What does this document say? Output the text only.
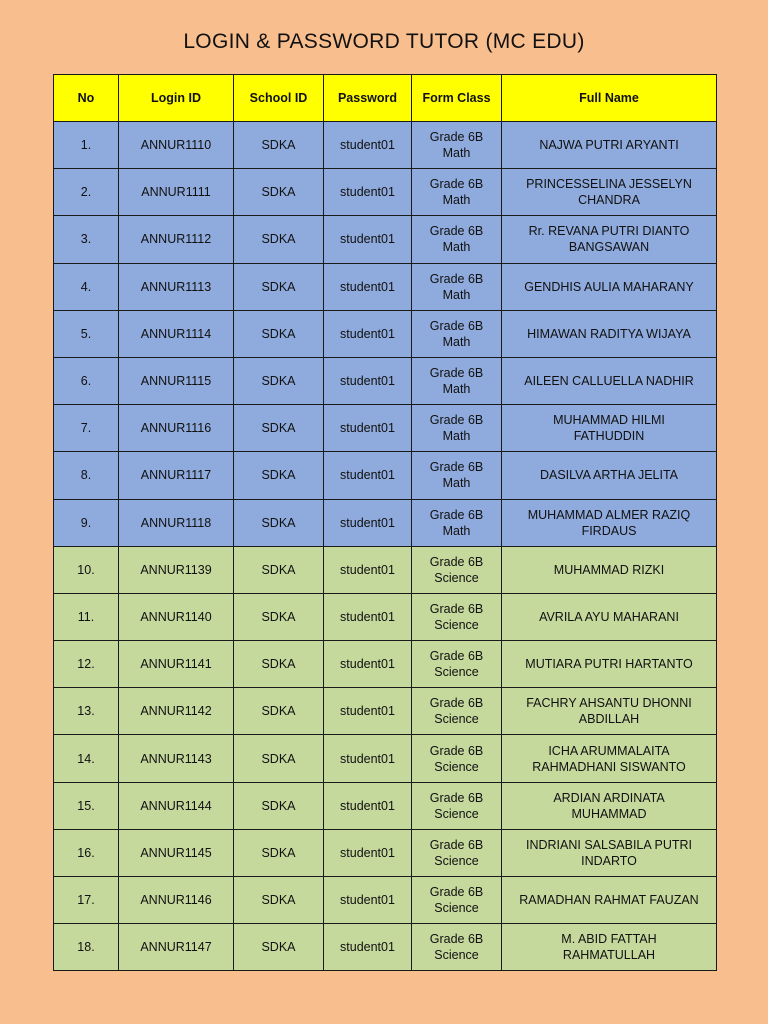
LOGIN & PASSWORD TUTOR (MC EDU)
No	Login ID	School ID	Password	Form Class	Full Name
1.	ANNUR1110	SDKA	student01	Grade 6B
Math	NAJWA PUTRI ARYANTI

2.	ANNUR1111	SDKA	student01	Grade 6B
Math	PRINCESSELINA JESSELYN
CHANDRA

3.	ANNUR1112	SDKA	student01	Grade 6B
Math	Rr. REVANA PUTRI DIANTO
BANGSAWAN

4.	ANNUR1113	SDKA	student01	Grade 6B
Math	GENDHIS AULIA MAHARANY

5.	ANNUR1114	SDKA	student01	Grade 6B
Math	HIMAWAN RADITYA WIJAYA

6.	ANNUR1115	SDKA	student01	Grade 6B
Math	AILEEN CALLUELLA NADHIR

7.	ANNUR1116	SDKA	student01	Grade 6B
Math	MUHAMMAD HILMI
FATHUDDIN

8.	ANNUR1117	SDKA	student01	Grade 6B
Math	DASILVA ARTHA JELITA

9.	ANNUR1118	SDKA	student01	Grade 6B
Math	MUHAMMAD ALMER RAZIQ
FIRDAUS

10.	ANNUR1139	SDKA	student01	Grade 6B
Science	MUHAMMAD RIZKI

11.	ANNUR1140	SDKA	student01	Grade 6B
Science	AVRILA AYU MAHARANI

12.	ANNUR1141	SDKA	student01	Grade 6B
Science	MUTIARA PUTRI HARTANTO

13.	ANNUR1142	SDKA	student01	Grade 6B
Science	FACHRY AHSANTU DHONNI
ABDILLAH

14.	ANNUR1143	SDKA	student01	Grade 6B
Science	ICHA ARUMMALAITA
RAHMADHANI SISWANTO

15.	ANNUR1144	SDKA	student01	Grade 6B
Science	ARDIAN ARDINATA
MUHAMMAD

16.	ANNUR1145	SDKA	student01	Grade 6B
Science	INDRIANI SALSABILA PUTRI
INDARTO

17.	ANNUR1146	SDKA	student01	Grade 6B
Science	RAMADHAN RAHMAT FAUZAN

18.	ANNUR1147	SDKA	student01	Grade 6B
Science	M. ABID FATTAH
RAHMATULLAH
